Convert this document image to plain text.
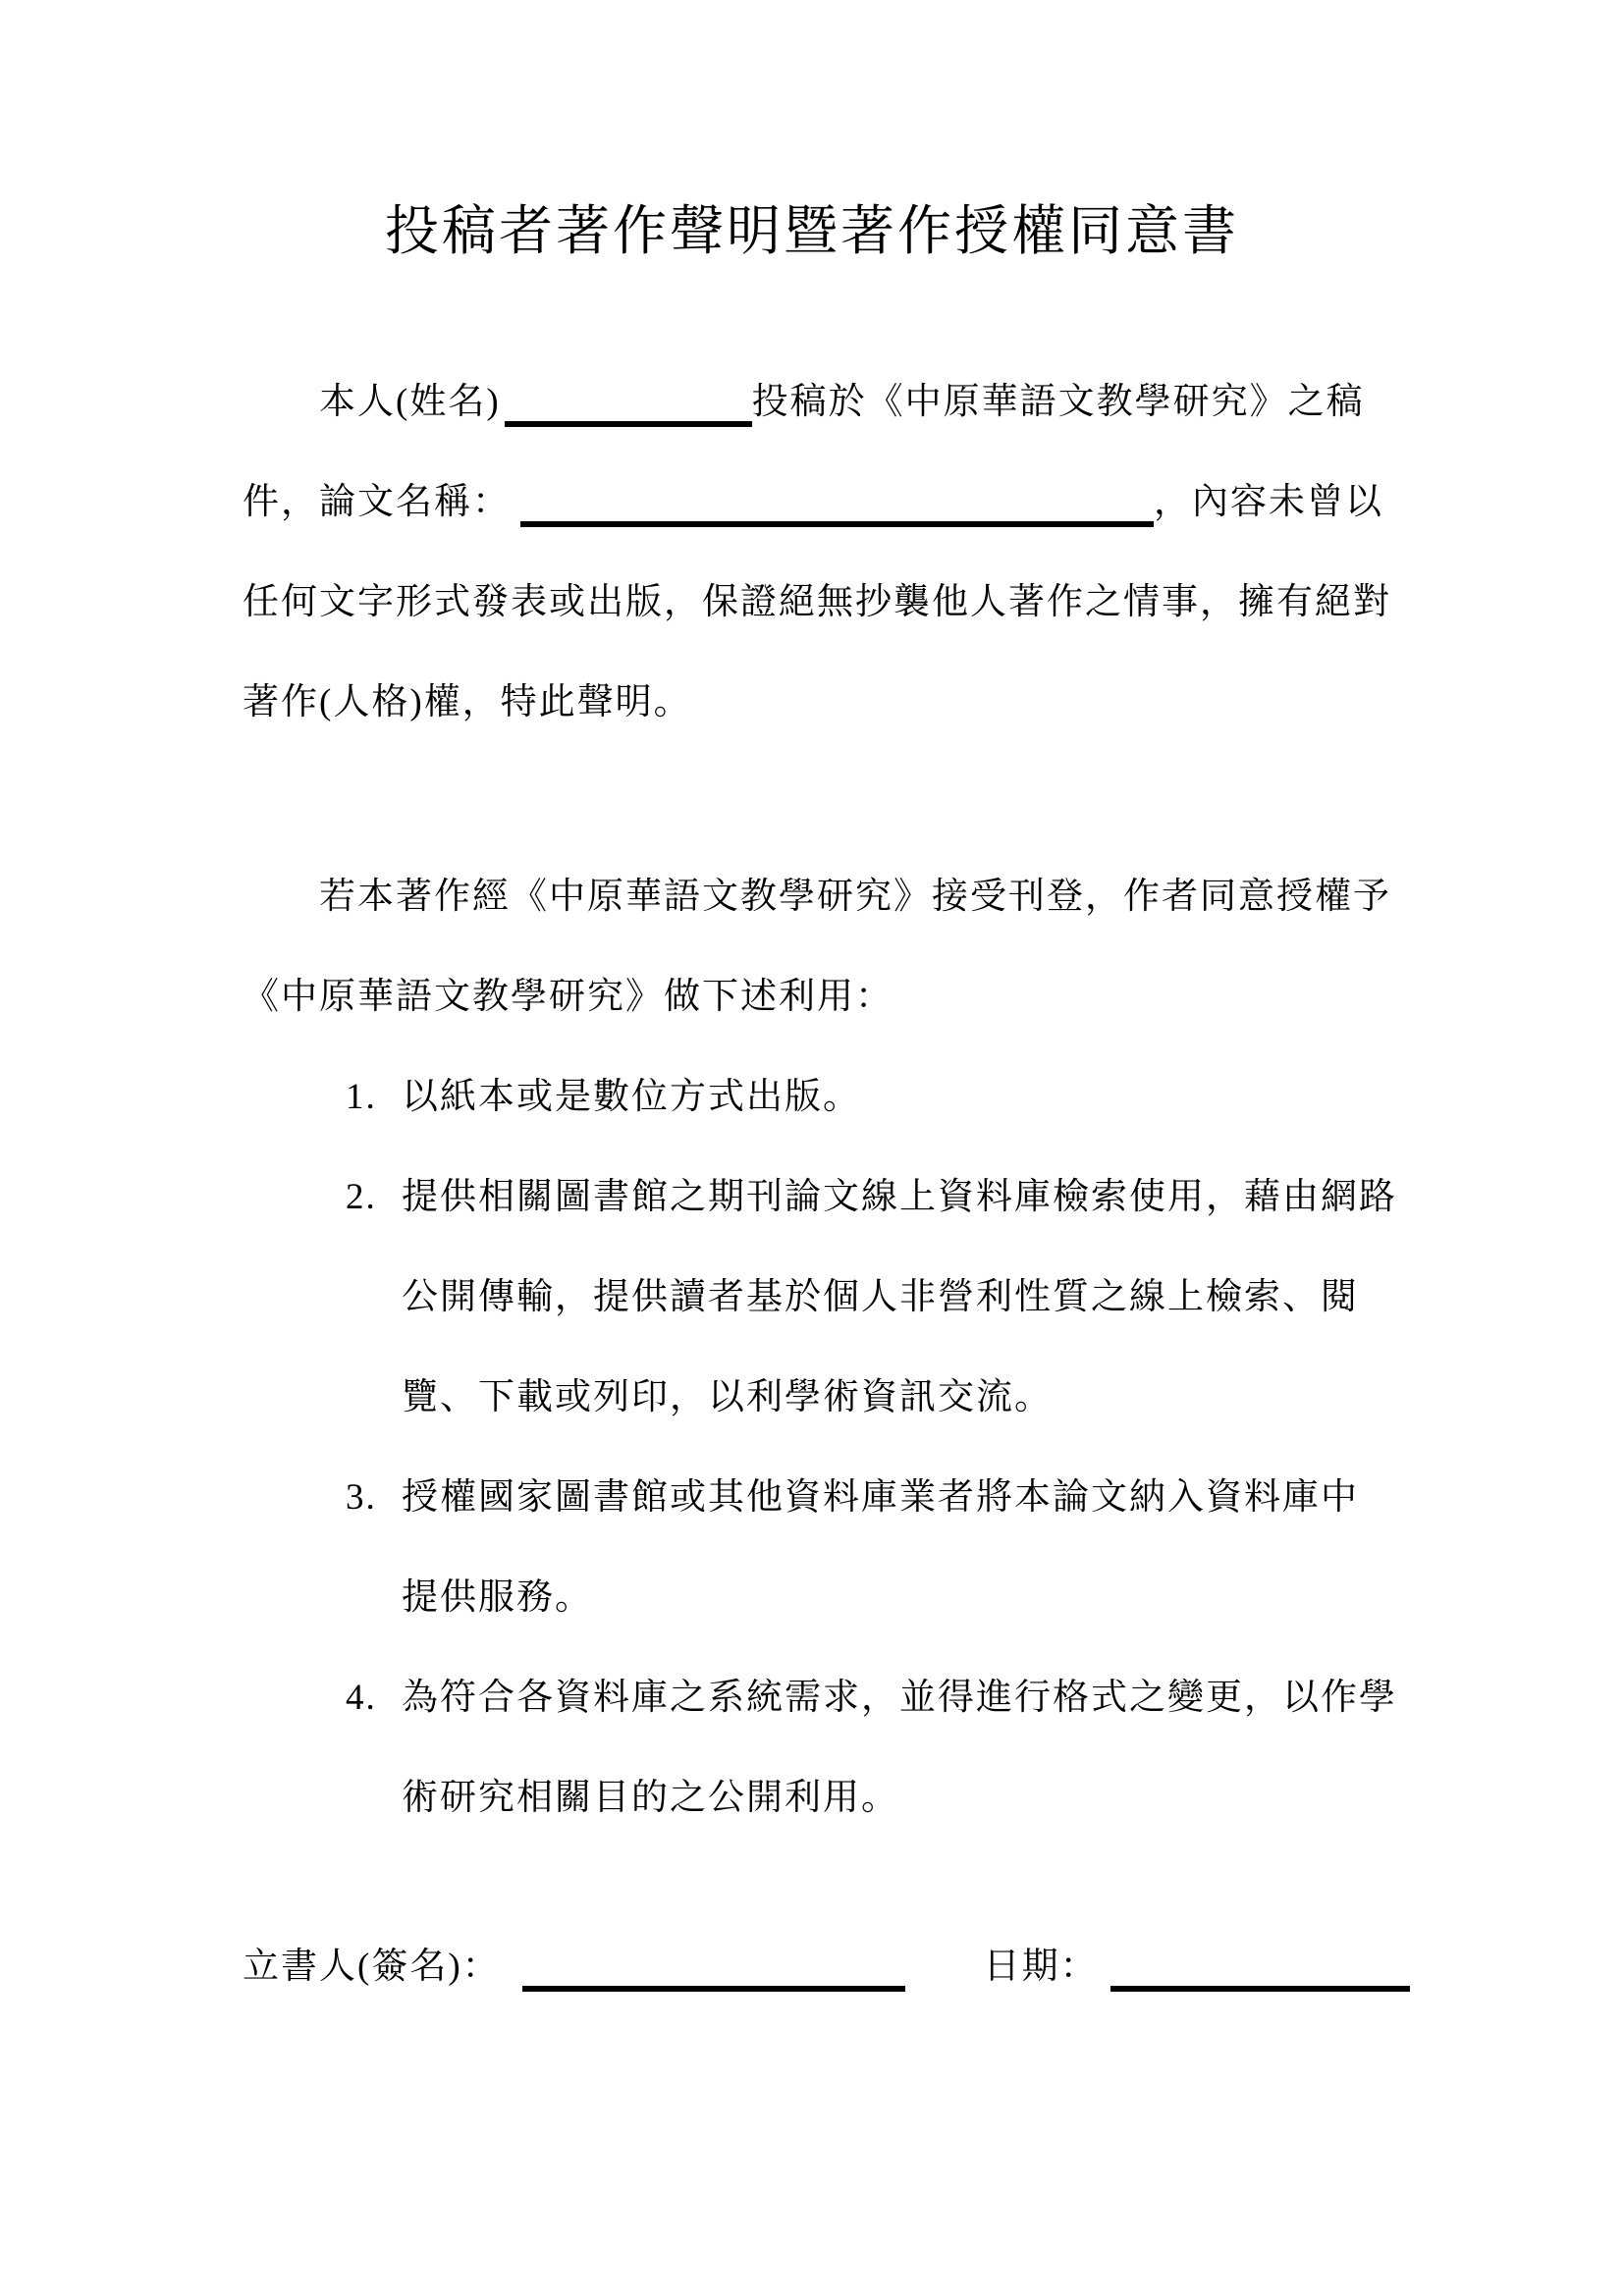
投稿者著作聲明暨著作授權同意書
本人(姓名)	投稿於《中原華語文教學研究》之稿
件，論文名稱：	，內容未曾以
任何文字形式發表或出版，保證絕無抄襲他人著作之情事，擁有絕對
著作(人格)權，特此聲明。
若本著作經《中原華語文教學研究》接受刊登，作者同意授權予
《中原華語文教學研究》做下述利用：
1. 以紙本或是數位方式出版。
2. 提供相關圖書館之期刊論文線上資料庫檢索使用，藉由網路
公開傳輸，提供讀者基於個人非營利性質之線上檢索、閱
覽、下載或列印，以利學術資訊交流。
3. 授權國家圖書館或其他資料庫業者將本論文納入資料庫中
提供服務。
4. 為符合各資料庫之系統需求，並得進行格式之變更，以作學
術研究相關目的之公開利用。
立書人(簽名)：	日期：
